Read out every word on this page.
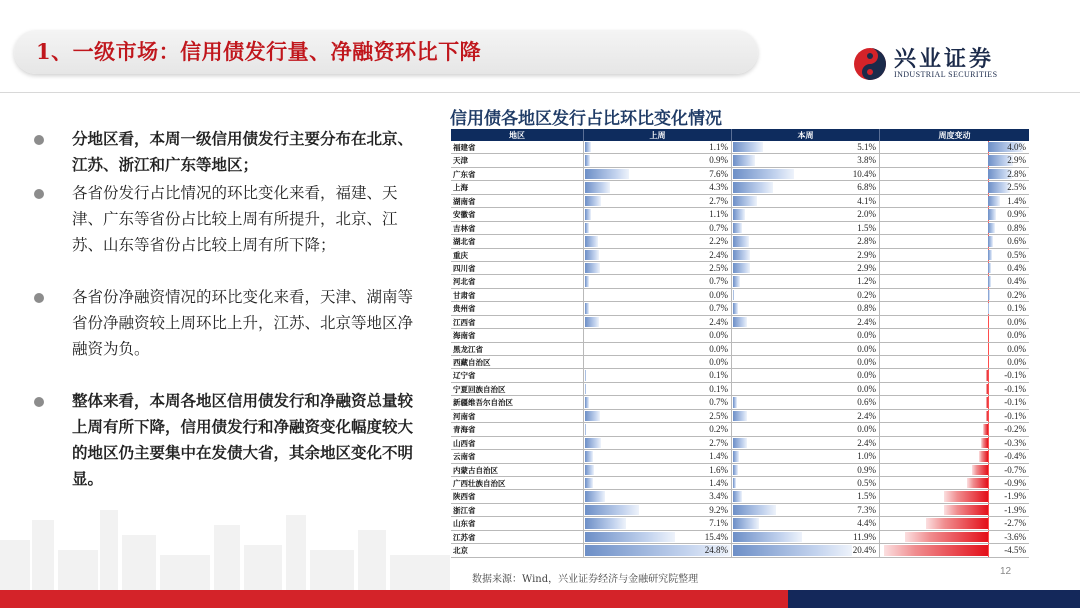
1、一级市场：信用债发行量、净融资环比下降	兴业证券
INDUSTRIAL SECURITIES
分地区看，本周一级信用债发行主要分布在北京、江苏、浙江和广东等地区；
各省份发行占比情况的环比变化来看，福建、天津、广东等省份占比较上周有所提升，北京、江苏、山东等省份占比较上周有所下降；
各省份净融资情况的环比变化来看，天津、湖南等省份净融资较上周环比上升，江苏、北京等地区净融资为负。
整体来看，本周各地区信用债发行和净融资总量较上周有所下降，信用债发行和净融资变化幅度较大的地区仍主要集中在发债大省，其余地区变化不明显。
信用债各地区发行占比环比变化情况
地区	上周	本周	周度变动
福建省	1.1%	5.1%	4.0%
天津	0.9%	3.8%	2.9%
广东省	7.6%	10.4%	2.8%
上海	4.3%	6.8%	2.5%
湖南省	2.7%	4.1%	1.4%
安徽省	1.1%	2.0%	0.9%
吉林省	0.7%	1.5%	0.8%
湖北省	2.2%	2.8%	0.6%
重庆	2.4%	2.9%	0.5%
四川省	2.5%	2.9%	0.4%
河北省	0.7%	1.2%	0.4%
甘肃省	0.0%	0.2%	0.2%
贵州省	0.7%	0.8%	0.1%
江西省	2.4%	2.4%	0.0%
海南省	0.0%	0.0%	0.0%
黑龙江省	0.0%	0.0%	0.0%
西藏自治区	0.0%	0.0%	0.0%
辽宁省	0.1%	0.0%	-0.1%
宁夏回族自治区	0.1%	0.0%	-0.1%
新疆维吾尔自治区	0.7%	0.6%	-0.1%
河南省	2.5%	2.4%	-0.1%
青海省	0.2%	0.0%	-0.2%
山西省	2.7%	2.4%	-0.3%
云南省	1.4%	1.0%	-0.4%
内蒙古自治区	1.6%	0.9%	-0.7%
广西壮族自治区	1.4%	0.5%	-0.9%
陕西省	3.4%	1.5%	-1.9%
浙江省	9.2%	7.3%	-1.9%
山东省	7.1%	4.4%	-2.7%
江苏省	15.4%	11.9%	-3.6%
北京	24.8%	20.4%	-4.5%
数据来源：Wind，兴业证券经济与金融研究院整理
12
